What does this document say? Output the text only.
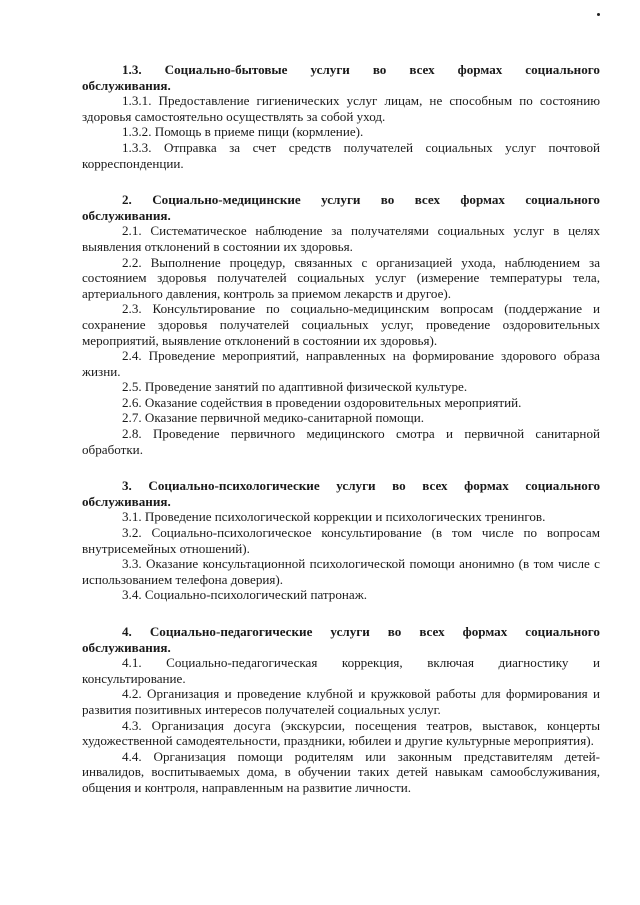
1.3. Социально-бытовые услуги во всех формах социального
обслуживания.

1.3.1. Предоставление гигиенических услуг лицам, не способным по состоянию здоровья самостоятельно осуществлять за собой уход.

1.3.2. Помощь в приеме пищи (кормление).

1.3.3. Отправка за счет средств получателей социальных услуг почтовой корреспонденции.

2. Социально-медицинские услуги во всех формах социального
обслуживания.

2.1. Систематическое наблюдение за получателями социальных услуг в целях выявления отклонений в состоянии их здоровья.

2.2. Выполнение процедур, связанных с организацией ухода, наблюдением за состоянием здоровья получателей социальных услуг (измерение температуры тела, артериального давления, контроль за приемом лекарств и другое).

2.3. Консультирование по социально-медицинским вопросам (поддержание и сохранение здоровья получателей социальных услуг, проведение оздоровительных мероприятий, выявление отклонений в состоянии их здоровья).

2.4. Проведение мероприятий, направленных на формирование здорового образа жизни.

2.5. Проведение занятий по адаптивной физической культуре.

2.6. Оказание содействия в проведении оздоровительных мероприятий.

2.7. Оказание первичной медико-санитарной помощи.

2.8. Проведение первичного медицинского смотра и первичной санитарной обработки.

3. Социально-психологические услуги во всех формах социального
обслуживания.

3.1. Проведение психологической коррекции и психологических тренингов.

3.2. Социально-психологическое консультирование (в том числе по вопросам внутрисемейных отношений).

3.3. Оказание консультационной психологической помощи анонимно (в том числе с использованием телефона доверия).

3.4. Социально-психологический патронаж.

4. Социально-педагогические услуги во всех формах социального
обслуживания.
4.1. Социально-педагогическая коррекция, включая диагностику и
консультирование.

4.2. Организация и проведение клубной и кружковой работы для формирования и развития позитивных интересов получателей социальных услуг.

4.3. Организация досуга (экскурсии, посещения театров, выставок, концерты художественной самодеятельности, праздники, юбилеи и другие культурные мероприятия).

4.4. Организация помощи родителям или законным представителям детей-инвалидов, воспитываемых дома, в обучении таких детей навыкам самообслуживания, общения и контроля, направленным на развитие личности.
